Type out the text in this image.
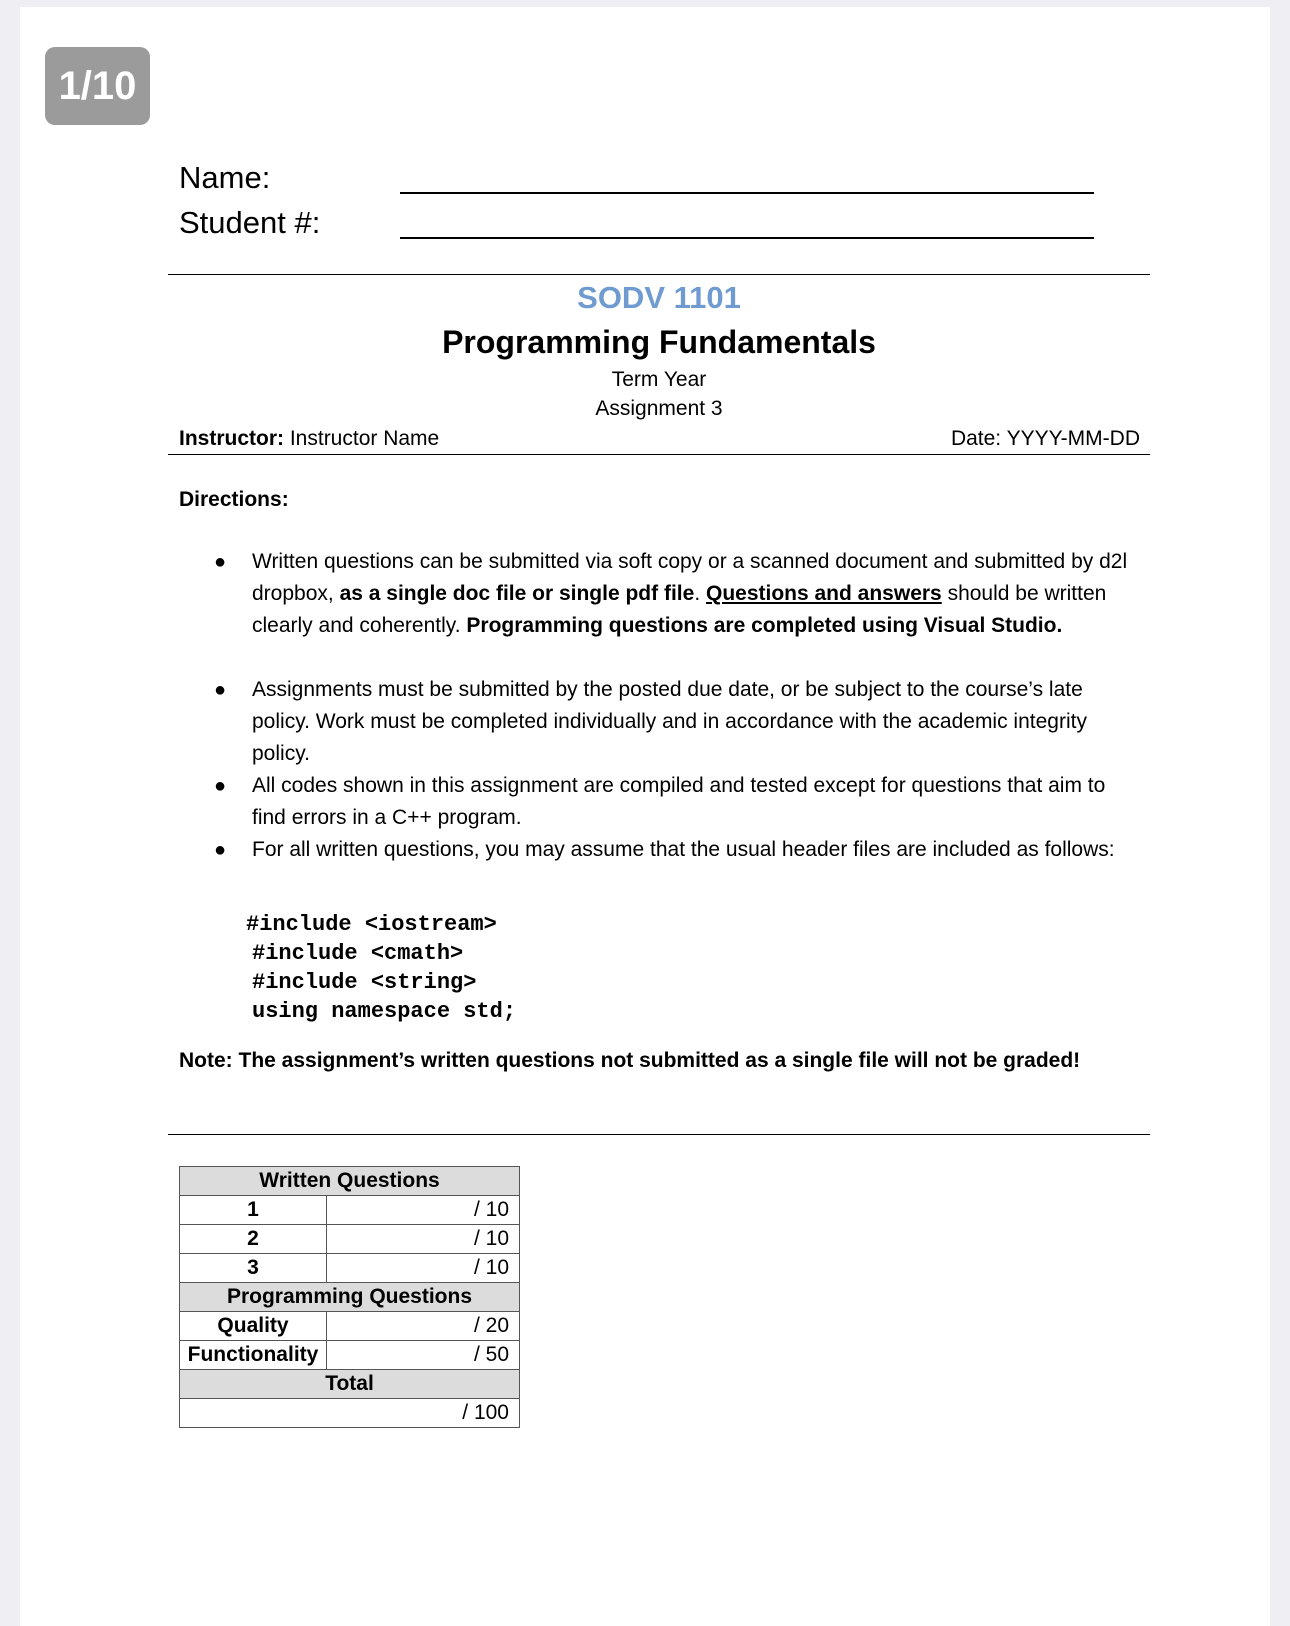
1/10
Name:
Student #:
SODV 1101
Programming Fundamentals
Term Year
Assignment 3
Instructor: Instructor Name	Date: YYYY-MM-DD
Directions:
● Written questions can be submitted via soft copy or a scanned document and submitted by d2l dropbox, as a single doc file or single pdf file. Questions and answers should be written clearly and coherently. Programming questions are completed using Visual Studio.
● Assignments must be submitted by the posted due date, or be subject to the course’s late policy. Work must be completed individually and in accordance with the academic integrity policy.
● All codes shown in this assignment are compiled and tested except for questions that aim to find errors in a C++ program.
● For all written questions, you may assume that the usual header files are included as follows:
#include <iostream>
#include <cmath>
#include <string>
using namespace std;
Note: The assignment’s written questions not submitted as a single file will not be graded!
Written Questions	
1	/ 10
2	/ 10
3	/ 10
Programming Questions	
Quality	/ 20
Functionality	/ 50
Total	
/ 100	
